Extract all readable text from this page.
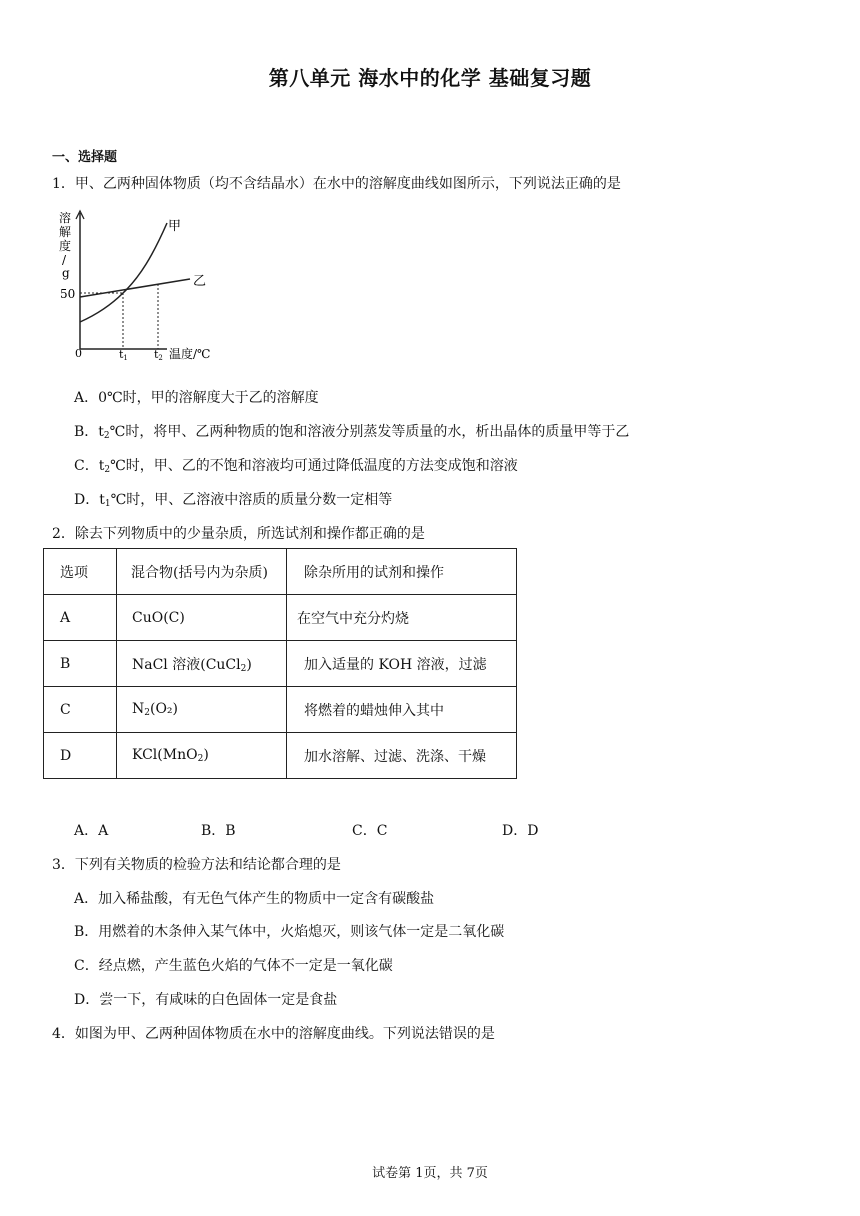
第八单元 海水中的化学 基础复习题
一、选择题
1．甲、乙两种固体物质（均不含结晶水）在水中的溶解度曲线如图所示，下列说法正确的是
溶
解
度
/
g
50
0	t1 t2 温度/℃
甲
乙
A．0℃时，甲的溶解度大于乙的溶解度
B．$t_2℃$时，将甲、乙两种物质的饱和溶液分别蒸发等质量的水，析出晶体的质量甲等于乙
C．$t_2℃$时，甲、乙的不饱和溶液均可通过降低温度的方法变成饱和溶液
D．$t_1℃$时，甲、乙溶液中溶质的质量分数一定相等
2．除去下列物质中的少量杂质，所选试剂和操作都正确的是
选项	混合物(括号内为杂质)	除杂所用的试剂和操作
A	CuO(C)	在空气中充分灼烧
B	NaCl 溶液(CuCl$_2$)	加入适量的 KOH 溶液，过滤
C	$N_2(O_2)$	将燃着的蜡烛伸入其中
D	KCl(MnO$_2$)	加水溶解、过滤、洗涤、干燥
A．A	B．B	C．C	D．D
3．下列有关物质的检验方法和结论都合理的是
A．加入稀盐酸，有无色气体产生的物质中一定含有碳酸盐
B．用燃着的木条伸入某气体中，火焰熄灭，则该气体一定是二氧化碳
C．经点燃，产生蓝色火焰的气体不一定是一氧化碳
D．尝一下，有咸味的白色固体一定是食盐
4．如图为甲、乙两种固体物质在水中的溶解度曲线。下列说法错误的是
试卷第 1页，共 7页
